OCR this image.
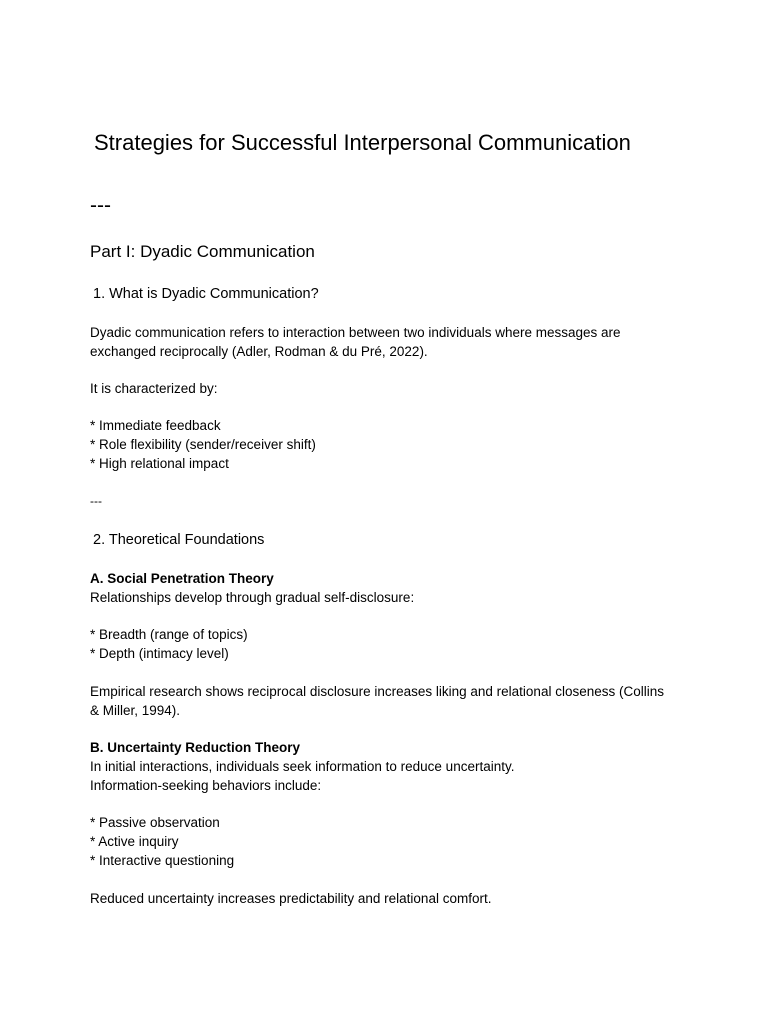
Strategies for Successful Interpersonal Communication
---
Part I: Dyadic Communication
1. What is Dyadic Communication?

Dyadic communication refers to interaction between two individuals where messages are

exchanged reciprocally (Adler, Rodman & du Pré, 2022).

It is characterized by:

* Immediate feedback

* Role flexibility (sender/receiver shift)

* High relational impact

---
2. Theoretical Foundations

A. Social Penetration Theory

Relationships develop through gradual self-disclosure:

* Breadth (range of topics)

* Depth (intimacy level)

Empirical research shows reciprocal disclosure increases liking and relational closeness (Collins

& Miller, 1994).

B. Uncertainty Reduction Theory

In initial interactions, individuals seek information to reduce uncertainty.

Information-seeking behaviors include:

* Passive observation

* Active inquiry

* Interactive questioning

Reduced uncertainty increases predictability and relational comfort.
